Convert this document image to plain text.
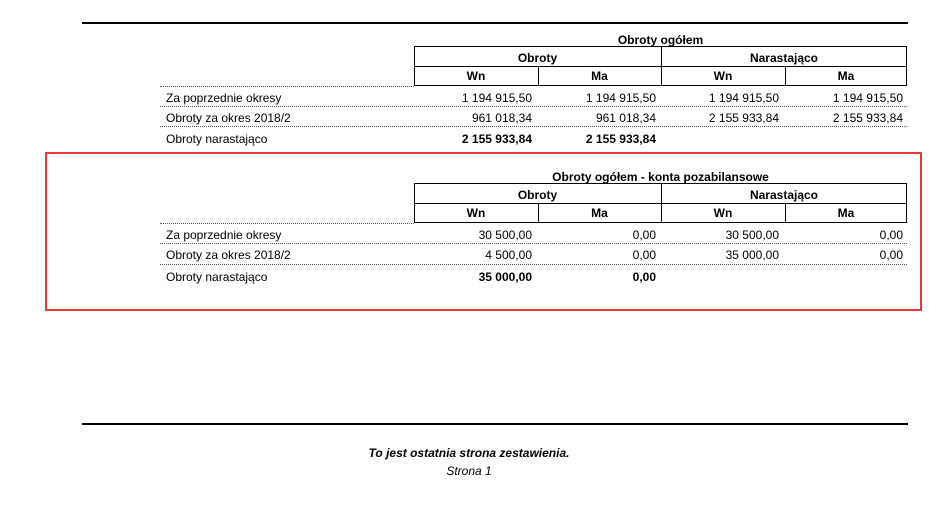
Obroty ogółem
Obroty	Narastająco
Wn	Ma	Wn	Ma
Za poprzednie okresy	1 194 915,50	1 194 915,50	1 194 915,50	1 194 915,50
Obroty za okres 2018/2	961 018,34	961 018,34	2 155 933,84	2 155 933,84
Obroty narastająco	2 155 933,84	2 155 933,84
Obroty ogółem - konta pozabilansowe
Obroty	Narastająco
Wn	Ma	Wn	Ma
Za poprzednie okresy	30 500,00	0,00	30 500,00	0,00
Obroty za okres 2018/2	4 500,00	0,00	35 000,00	0,00
Obroty narastająco	35 000,00	0,00
To jest ostatnia strona zestawienia.
Strona 1
